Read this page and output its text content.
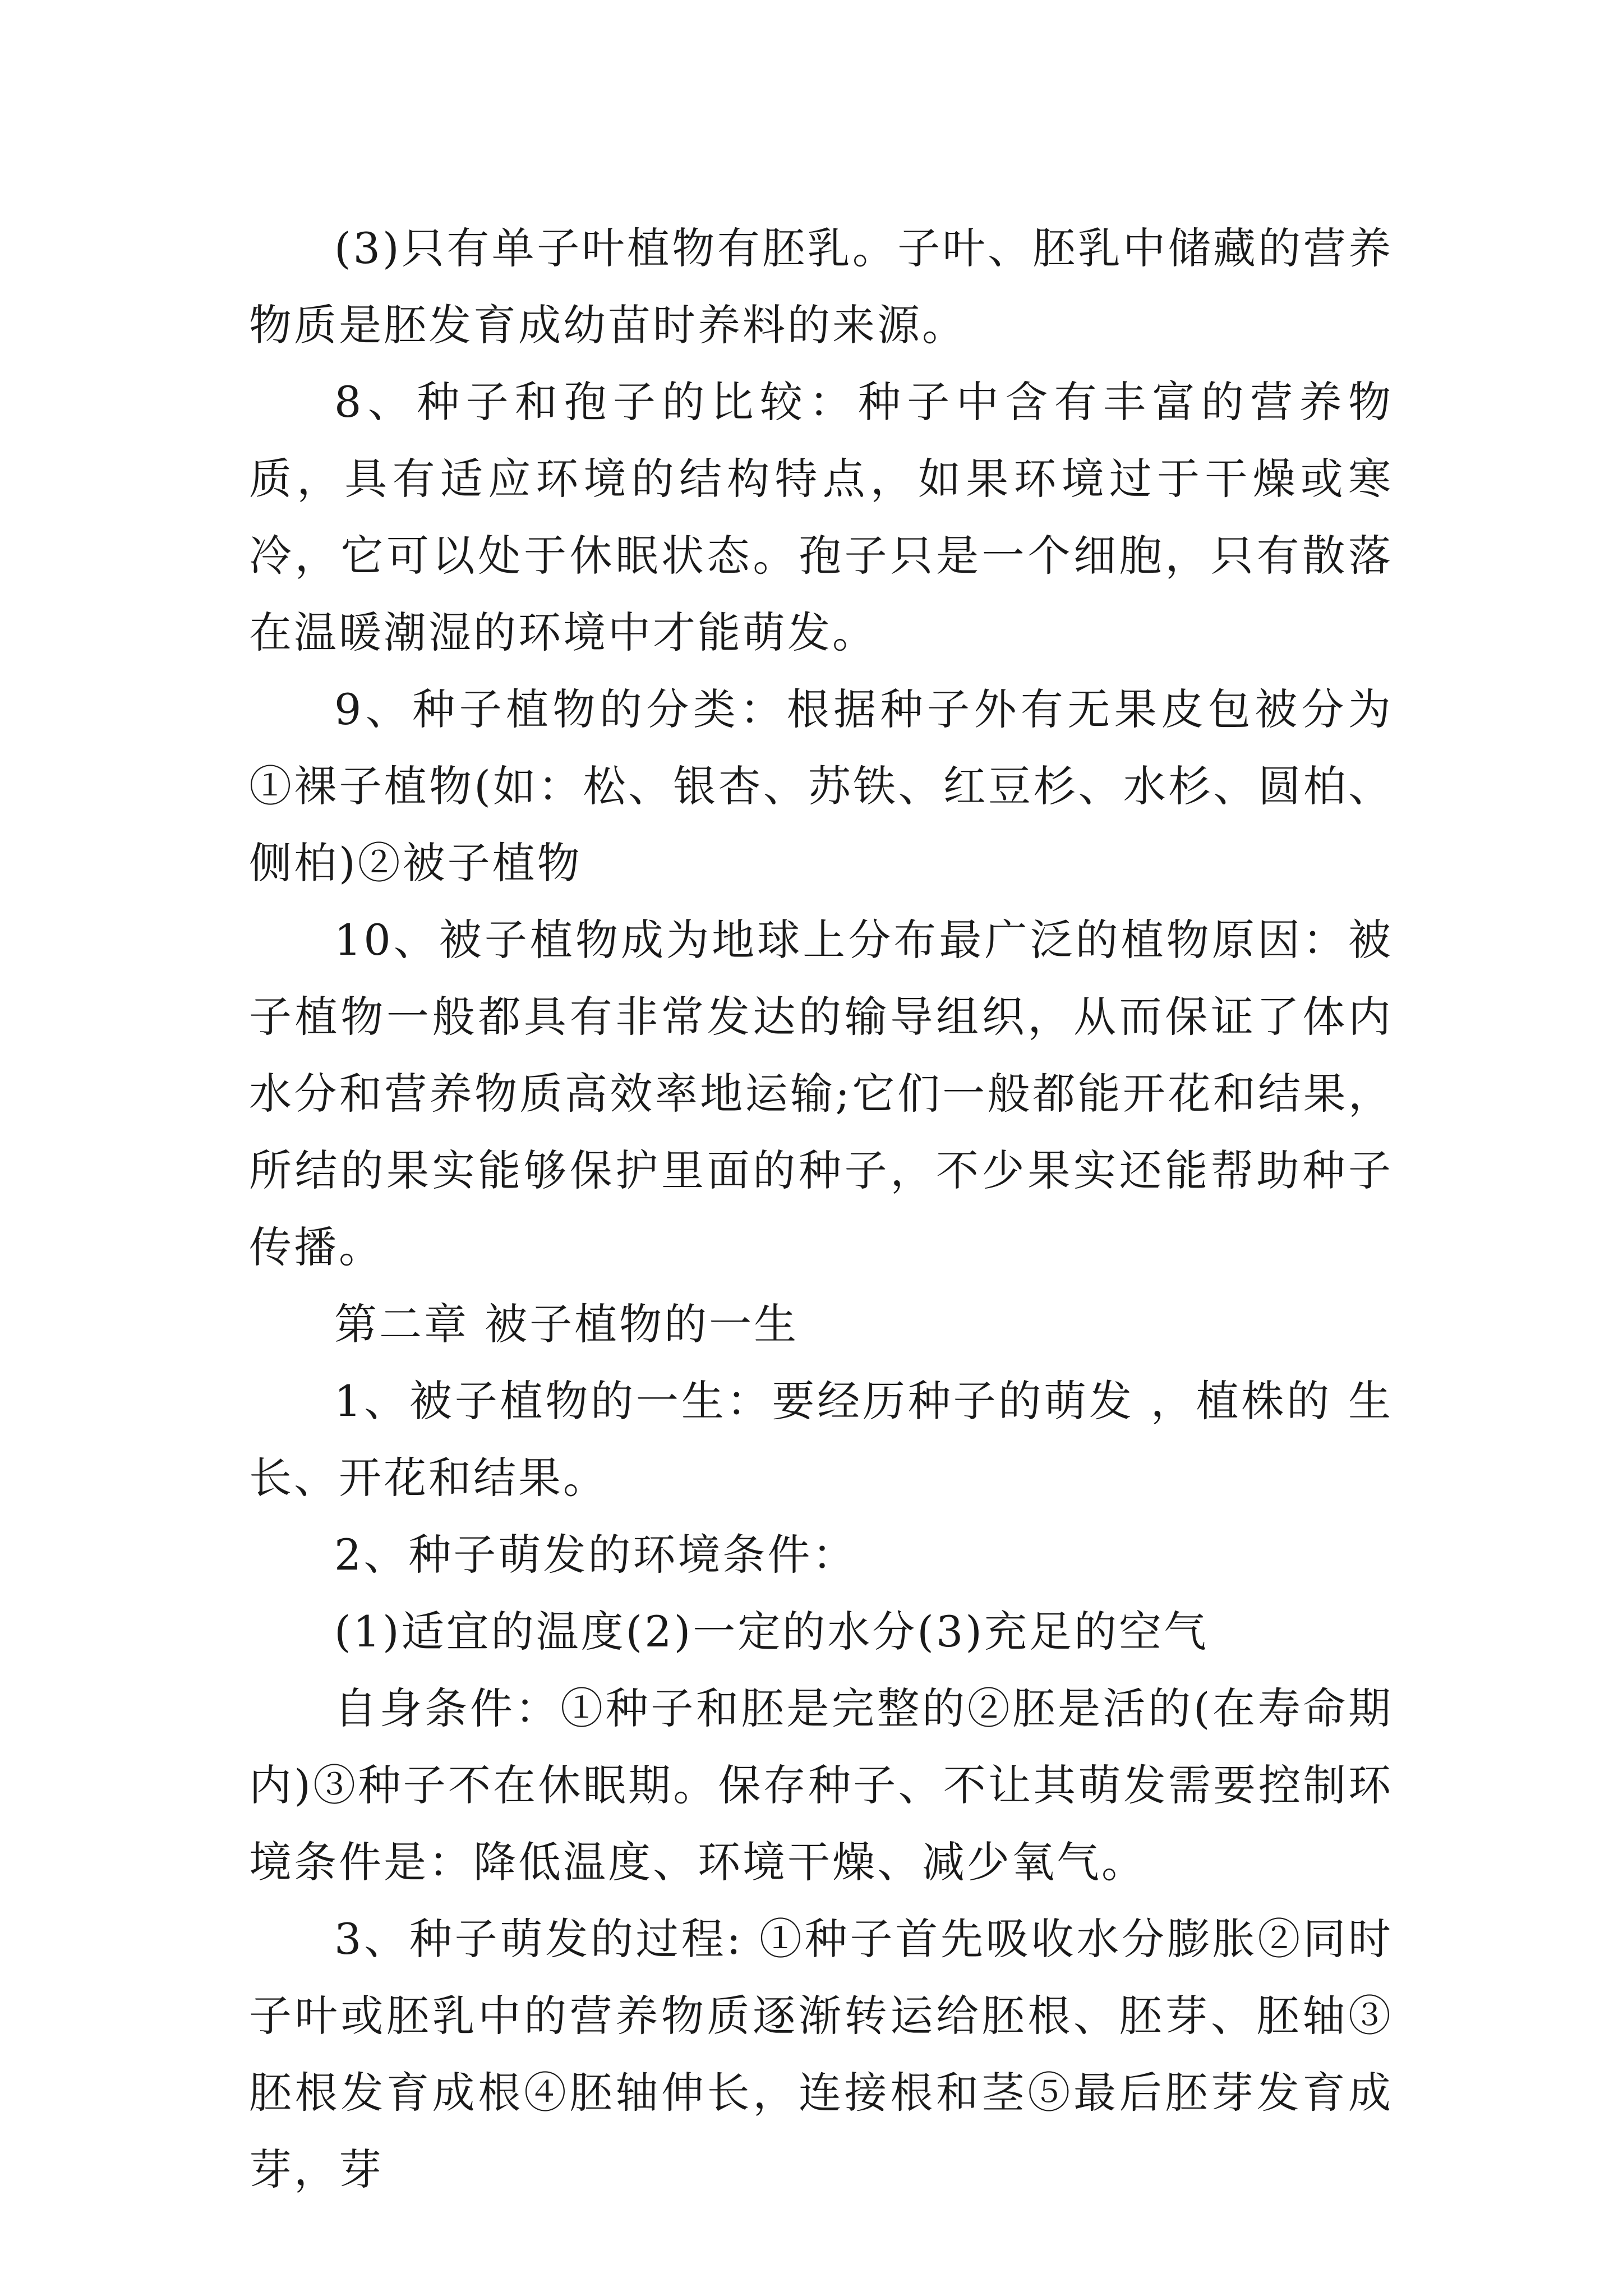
(3)只有单子叶植物有胚乳。子叶、胚乳中储藏的营养物质是胚发育成幼苗时养料的来源。

8、种子和孢子的比较：种子中含有丰富的营养物质，具有适应环境的结构特点，如果环境过于干燥或寒冷，它可以处于休眠状态。孢子只是一个细胞，只有散落在温暖潮湿的环境中才能萌发。

9、种子植物的分类：根据种子外有无果皮包被分为①裸子植物(如：松、银杏、苏铁、红豆杉、水杉、圆柏、侧柏)②被子植物

10、被子植物成为地球上分布最广泛的植物原因：被子植物一般都具有非常发达的输导组织，从而保证了体内水分和营养物质高效率地运输;它们一般都能开花和结果，所结的果实能够保护里面的种子，不少果实还能帮助种子传播。

第二章 被子植物的一生

1、被子植物的一生：要经历种子的萌发 ，植株的 生长、开花和结果。

2、种子萌发的环境条件：

(1)适宜的温度(2)一定的水分(3)充足的空气

自身条件：①种子和胚是完整的②胚是活的(在寿命期内)③种子不在休眠期。保存种子、不让其萌发需要控制环境条件是：降低温度、环境干燥、减少氧气。

3、种子萌发的过程: ①种子首先吸收水分膨胀②同时子叶或胚乳中的营养物质逐渐转运给胚根、胚芽、胚轴③胚根发育成根④胚轴伸长，连接根和茎⑤最后胚芽发育成芽，芽
